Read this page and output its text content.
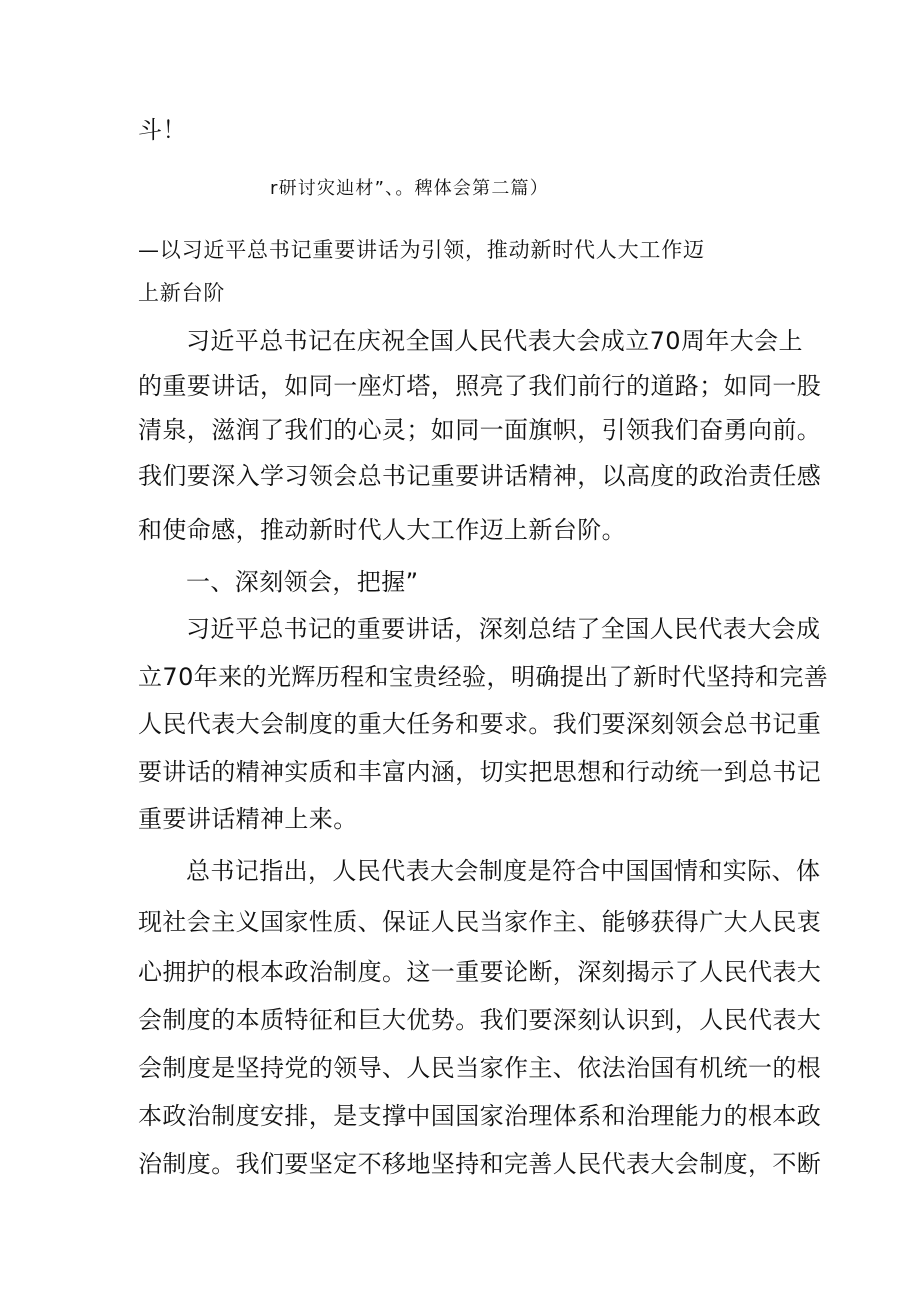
斗！
r研讨灾辿材”、。稗体会第二篇）
—以习近平总书记重要讲话为引领，推动新时代人大工作迈
上新台阶
习近平总书记在庆祝全国人民代表大会成立70周年大会上
的重要讲话，如同一座灯塔，照亮了我们前行的道路；如同一股
清泉，滋润了我们的心灵；如同一面旗帜，引领我们奋勇向前。
我们要深入学习领会总书记重要讲话精神，以高度的政治责任感
和使命感，推动新时代人大工作迈上新台阶。
一、深刻领会，把握”
习近平总书记的重要讲话，深刻总结了全国人民代表大会成
立70年来的光辉历程和宝贵经验，明确提出了新时代坚持和完善
人民代表大会制度的重大任务和要求。我们要深刻领会总书记重
要讲话的精神实质和丰富内涵，切实把思想和行动统一到总书记
重要讲话精神上来。
总书记指出，人民代表大会制度是符合中国国情和实际、体
现社会主义国家性质、保证人民当家作主、能够获得广大人民衷
心拥护的根本政治制度。这一重要论断，深刻揭示了人民代表大
会制度的本质特征和巨大优势。我们要深刻认识到，人民代表大
会制度是坚持党的领导、人民当家作主、依法治国有机统一的根
本政治制度安排，是支撑中国国家治理体系和治理能力的根本政
治制度。我们要坚定不移地坚持和完善人民代表大会制度，不断
